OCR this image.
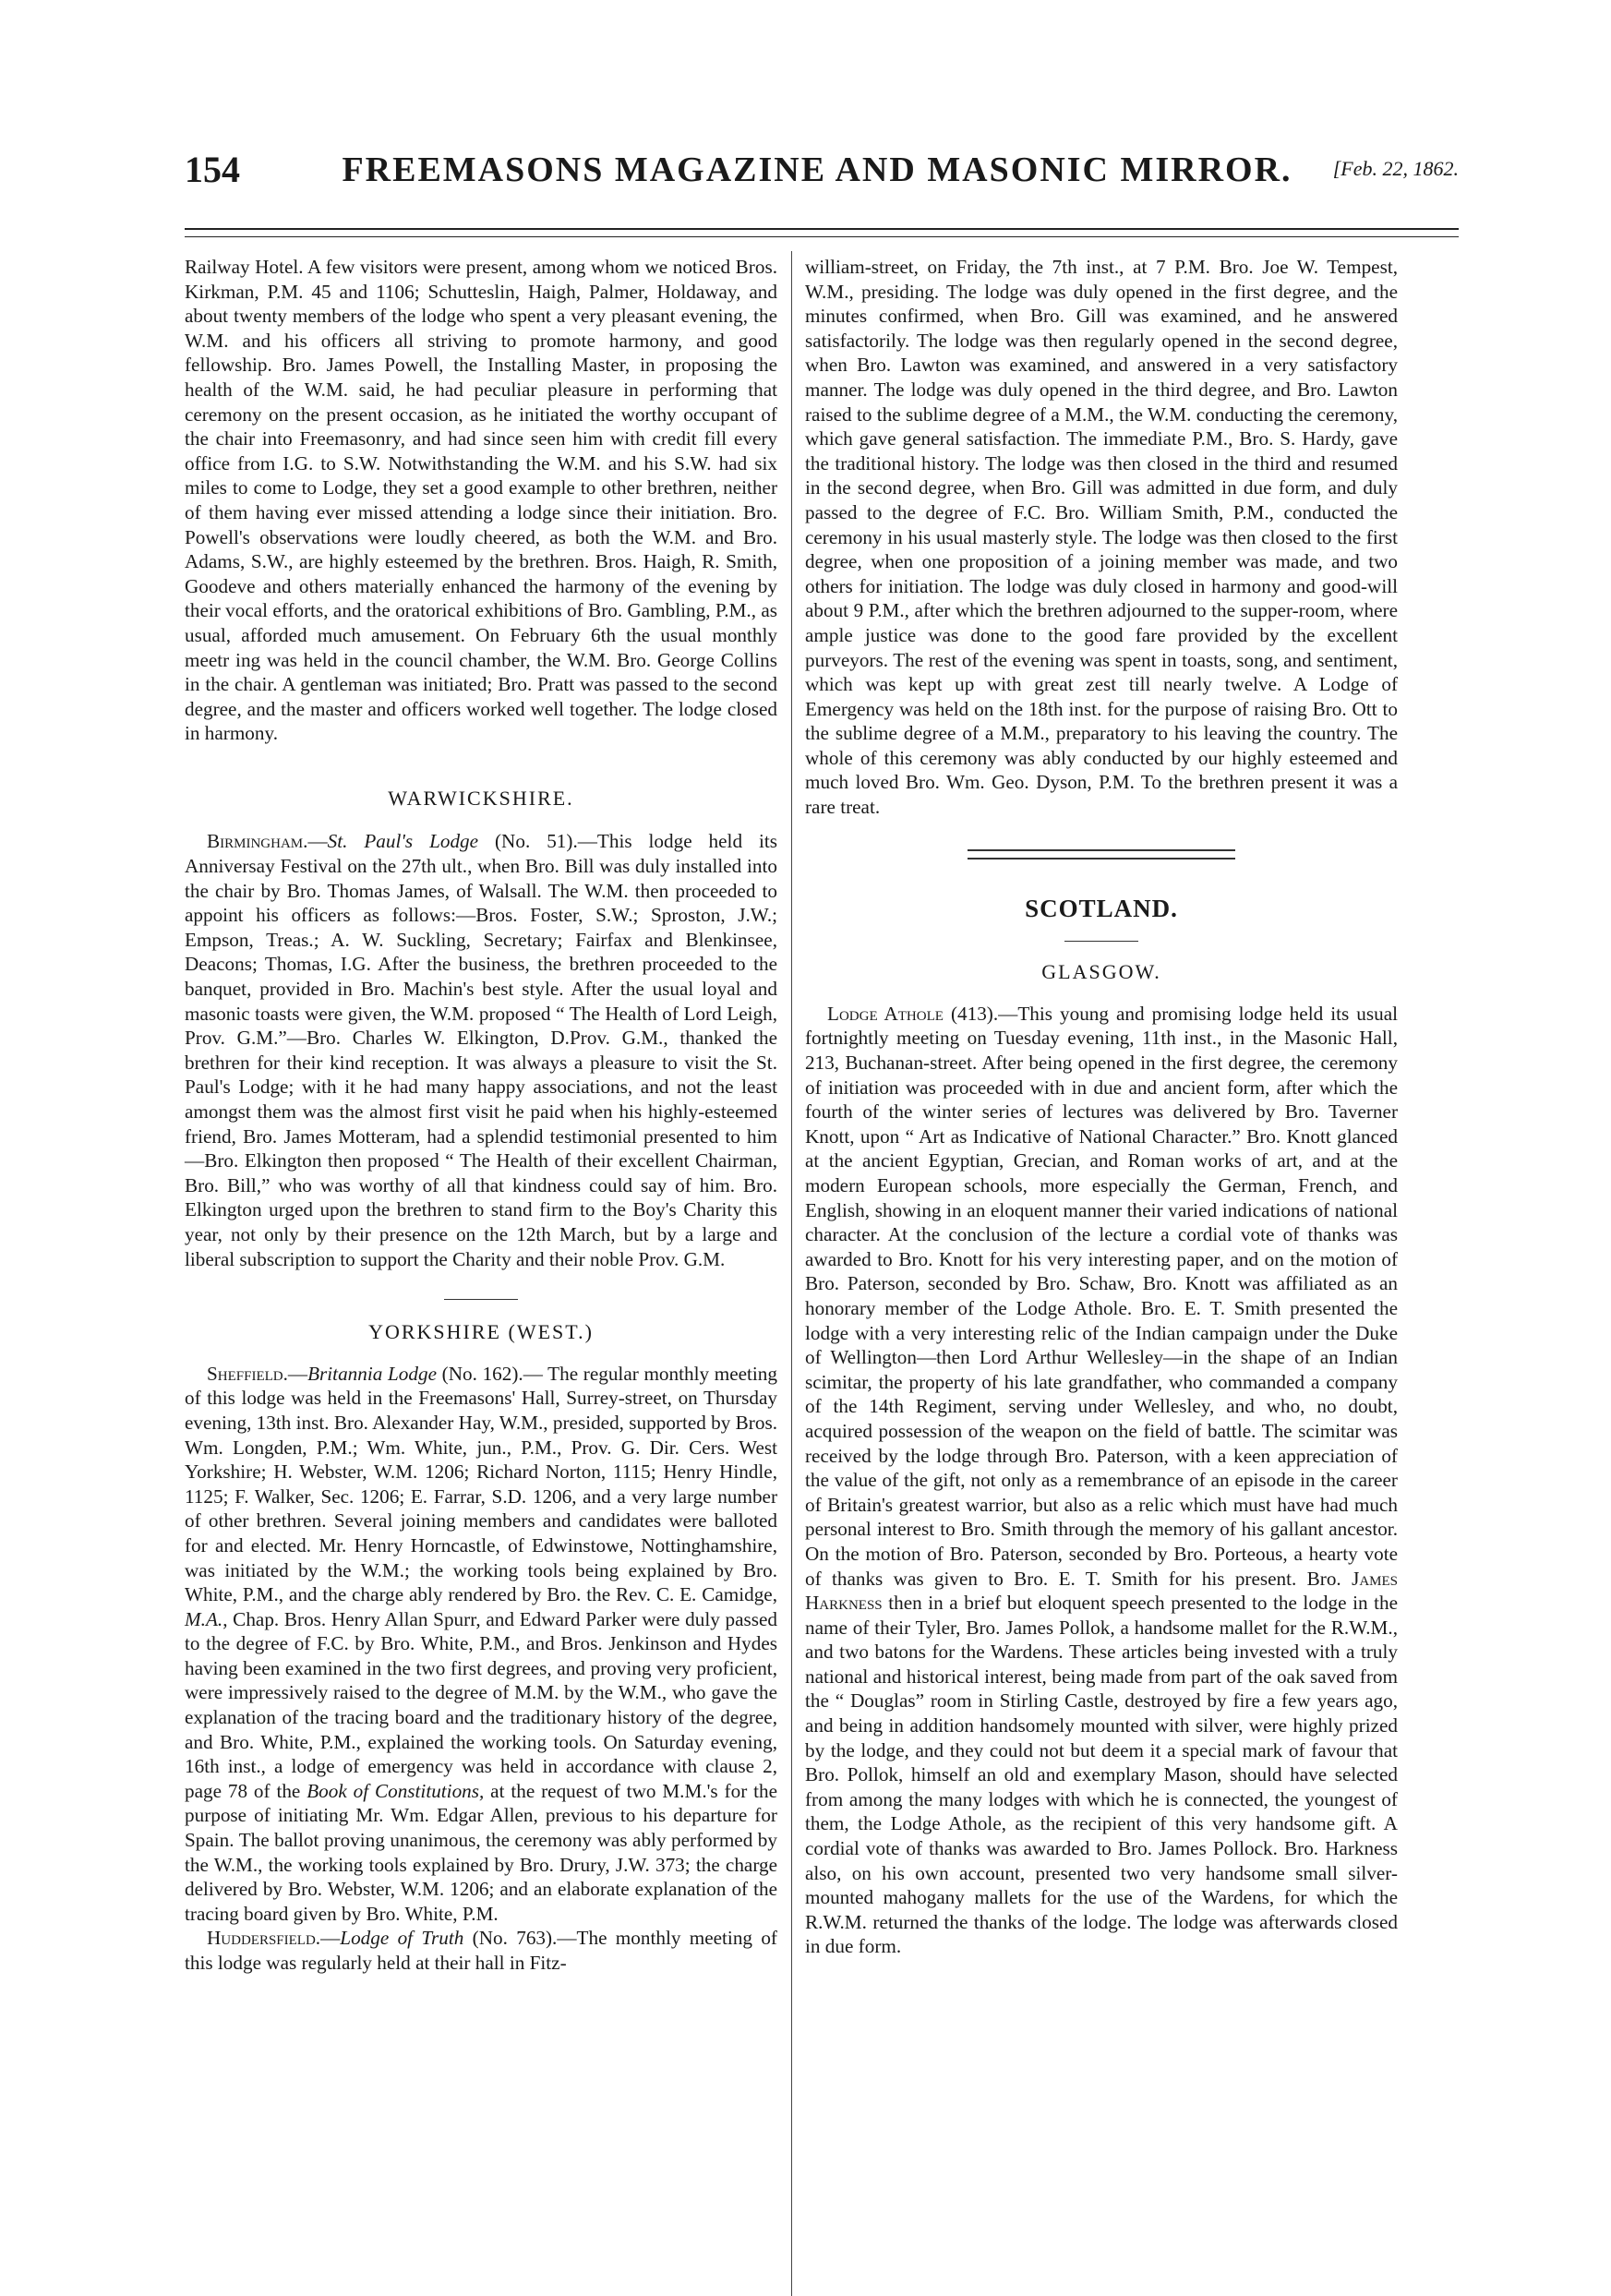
154	FREEMASONS MAGAZINE AND MASONIC MIRROR.	[Feb. 22, 1862.

Railway Hotel. A few visitors were present, among whom we noticed Bros. Kirkman, P.M. 45 and 1106; Schutteslin, Haigh, Palmer, Holdaway, and about twenty members of the lodge who spent a very pleasant evening, the W.M. and his officers all striving to promote harmony, and good fellowship. Bro. James Powell, the Installing Master, in proposing the health of the W.M. said, he had peculiar pleasure in performing that ceremony on the present occasion, as he initiated the worthy occupant of the chair into Freemasonry, and had since seen him with credit fill every office from I.G. to S.W. Notwithstanding the W.M. and his S.W. had six miles to come to Lodge, they set a good example to other brethren, neither of them having ever missed attending a lodge since their initiation. Bro. Powell's observations were loudly cheered, as both the W.M. and Bro. Adams, S.W., are highly esteemed by the brethren. Bros. Haigh, R. Smith, Goodeve and others materially enhanced the harmony of the evening by their vocal efforts, and the oratorical exhibitions of Bro. Gambling, P.M., as usual, afforded much amusement. On February 6th the usual monthly meetr ing was held in the council chamber, the W.M. Bro. George Collins in the chair. A gentleman was initiated; Bro. Pratt was passed to the second degree, and the master and officers worked well together. The lodge closed in harmony.

WARWICKSHIRE.

Birmingham.—St. Paul's Lodge (No. 51).—This lodge held its Anniversay Festival on the 27th ult., when Bro. Bill was duly installed into the chair by Bro. Thomas James, of Walsall. The W.M. then proceeded to appoint his officers as follows:—Bros. Foster, S.W.; Sproston, J.W.; Empson, Treas.; A. W. Suckling, Secretary; Fairfax and Blenkinsee, Deacons; Thomas, I.G. After the business, the brethren proceeded to the banquet, provided in Bro. Machin's best style. After the usual loyal and masonic toasts were given, the W.M. proposed “ The Health of Lord Leigh, Prov. G.M.”—Bro. Charles W. Elkington, D.Prov. G.M., thanked the brethren for their kind reception. It was always a pleasure to visit the St. Paul's Lodge; with it he had many happy associations, and not the least amongst them was the almost first visit he paid when his highly-esteemed friend, Bro. James Motteram, had a splendid testimonial presented to him—Bro. Elkington then proposed “ The Health of their excellent Chairman, Bro. Bill,” who was worthy of all that kindness could say of him. Bro. Elkington urged upon the brethren to stand firm to the Boy's Charity this year, not only by their presence on the 12th March, but by a large and liberal subscription to support the Charity and their noble Prov. G.M.

YORKSHIRE (WEST.)

Sheffield.—Britannia Lodge (No. 162).— The regular monthly meeting of this lodge was held in the Freemasons' Hall, Surrey-street, on Thursday evening, 13th inst. Bro. Alexander Hay, W.M., presided, supported by Bros. Wm. Longden, P.M.; Wm. White, jun., P.M., Prov. G. Dir. Cers. West Yorkshire; H. Webster, W.M. 1206; Richard Norton, 1115; Henry Hindle, 1125; F. Walker, Sec. 1206; E. Farrar, S.D. 1206, and a very large number of other brethren. Several joining members and candidates were balloted for and elected. Mr. Henry Horncastle, of Edwinstowe, Nottinghamshire, was initiated by the W.M.; the working tools being explained by Bro. White, P.M., and the charge ably rendered by Bro. the Rev. C. E. Camidge, M.A., Chap. Bros. Henry Allan Spurr, and Edward Parker were duly passed to the degree of F.C. by Bro. White, P.M., and Bros. Jenkinson and Hydes having been examined in the two first degrees, and proving very proficient, were impressively raised to the degree of M.M. by the W.M., who gave the explanation of the tracing board and the traditionary history of the degree, and Bro. White, P.M., explained the working tools. On Saturday evening, 16th inst., a lodge of emergency was held in accordance with clause 2, page 78 of the Book of Constitutions, at the request of two M.M.'s for the purpose of initiating Mr. Wm. Edgar Allen, previous to his departure for Spain. The ballot proving unanimous, the ceremony was ably performed by the W.M., the working tools explained by Bro. Drury, J.W. 373; the charge delivered by Bro. Webster, W.M. 1206; and an elaborate explanation of the tracing board given by Bro. White, P.M.

Huddersfield.—Lodge of Truth (No. 763).—The monthly meeting of this lodge was regularly held at their hall in Fitz-

william-street, on Friday, the 7th inst., at 7 P.M. Bro. Joe W. Tempest, W.M., presiding. The lodge was duly opened in the first degree, and the minutes confirmed, when Bro. Gill was examined, and he answered satisfactorily. The lodge was then regularly opened in the second degree, when Bro. Lawton was examined, and answered in a very satisfactory manner. The lodge was duly opened in the third degree, and Bro. Lawton raised to the sublime degree of a M.M., the W.M. conducting the ceremony, which gave general satisfaction. The immediate P.M., Bro. S. Hardy, gave the traditional history. The lodge was then closed in the third and resumed in the second degree, when Bro. Gill was admitted in due form, and duly passed to the degree of F.C. Bro. William Smith, P.M., conducted the ceremony in his usual masterly style. The lodge was then closed to the first degree, when one proposition of a joining member was made, and two others for initiation. The lodge was duly closed in harmony and good-will about 9 P.M., after which the brethren adjourned to the supper-room, where ample justice was done to the good fare provided by the excellent purveyors. The rest of the evening was spent in toasts, song, and sentiment, which was kept up with great zest till nearly twelve. A Lodge of Emergency was held on the 18th inst. for the purpose of raising Bro. Ott to the sublime degree of a M.M., preparatory to his leaving the country. The whole of this ceremony was ably conducted by our highly esteemed and much loved Bro. Wm. Geo. Dyson, P.M. To the brethren present it was a rare treat.

SCOTLAND.
GLASGOW.

Lodge Athole (413).—This young and promising lodge held its usual fortnightly meeting on Tuesday evening, 11th inst., in the Masonic Hall, 213, Buchanan-street. After being opened in the first degree, the ceremony of initiation was proceeded with in due and ancient form, after which the fourth of the winter series of lectures was delivered by Bro. Taverner Knott, upon “ Art as Indicative of National Character.” Bro. Knott glanced at the ancient Egyptian, Grecian, and Roman works of art, and at the modern European schools, more especially the German, French, and English, showing in an eloquent manner their varied indications of national character. At the conclusion of the lecture a cordial vote of thanks was awarded to Bro. Knott for his very interesting paper, and on the motion of Bro. Paterson, seconded by Bro. Schaw, Bro. Knott was affiliated as an honorary member of the Lodge Athole. Bro. E. T. Smith presented the lodge with a very interesting relic of the Indian campaign under the Duke of Wellington—then Lord Arthur Wellesley—in the shape of an Indian scimitar, the property of his late grandfather, who commanded a company of the 14th Regiment, serving under Wellesley, and who, no doubt, acquired possession of the weapon on the field of battle. The scimitar was received by the lodge through Bro. Paterson, with a keen appreciation of the value of the gift, not only as a remembrance of an episode in the career of Britain's greatest warrior, but also as a relic which must have had much personal interest to Bro. Smith through the memory of his gallant ancestor. On the motion of Bro. Paterson, seconded by Bro. Porteous, a hearty vote of thanks was given to Bro. E. T. Smith for his present. Bro. James Harkness then in a brief but eloquent speech presented to the lodge in the name of their Tyler, Bro. James Pollok, a handsome mallet for the R.W.M., and two batons for the Wardens. These articles being invested with a truly national and historical interest, being made from part of the oak saved from the “ Douglas” room in Stirling Castle, destroyed by fire a few years ago, and being in addition handsomely mounted with silver, were highly prized by the lodge, and they could not but deem it a special mark of favour that Bro. Pollok, himself an old and exemplary Mason, should have selected from among the many lodges with which he is connected, the youngest of them, the Lodge Athole, as the recipient of this very handsome gift. A cordial vote of thanks was awarded to Bro. James Pollock. Bro. Harkness also, on his own account, presented two very handsome small silver-mounted mahogany mallets for the use of the Wardens, for which the R.W.M. returned the thanks of the lodge. The lodge was afterwards closed in due form.
